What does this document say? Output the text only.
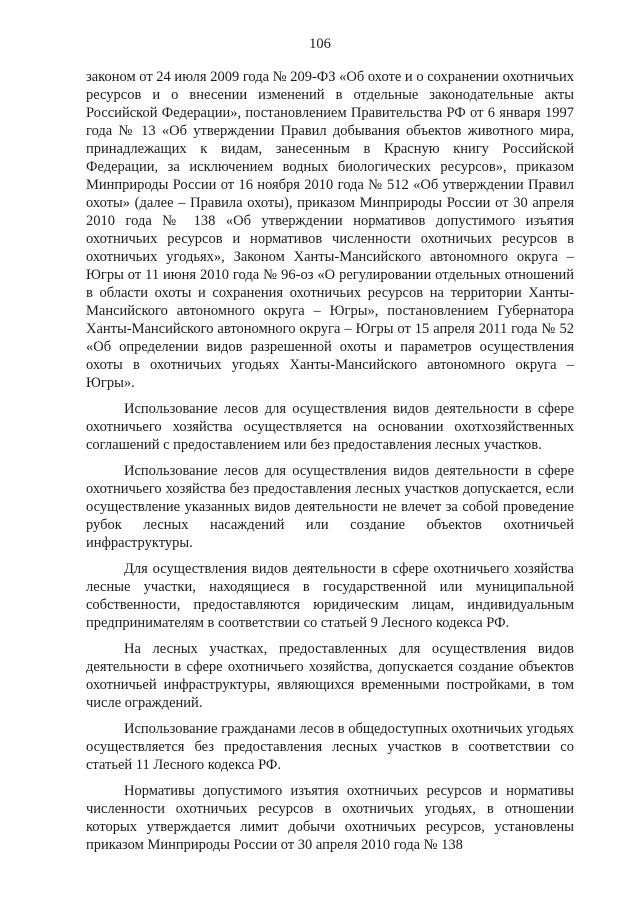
106

законом от 24 июля 2009 года № 209-ФЗ «Об охоте и о сохранении охотничьих ресурсов и о внесении изменений в отдельные законодательные акты Российской Федерации», постановлением Правительства РФ от 6 января 1997 года № 13 «Об утверждении Правил добывания объектов животного мира, принадлежащих к видам, занесенным в Красную книгу Российской Федерации, за исключением водных биологических ресурсов», приказом Минприроды России от 16 ноября 2010 года № 512 «Об утверждении Правил охоты» (далее – Правила охоты), приказом Минприроды России от 30 апреля 2010 года № 138 «Об утверждении нормативов допустимого изъятия охотничьих ресурсов и нормативов численности охотничьих ресурсов в охотничьих угодьях», Законом Ханты-Мансийского автономного округа – Югры от 11 июня 2010 года № 96-оз «О регулировании отдельных отношений в области охоты и сохранения охотничьих ресурсов на территории Ханты-Мансийского автономного округа – Югры», постановлением Губернатора Ханты-Мансийского автономного округа – Югры от 15 апреля 2011 года № 52 «Об определении видов разрешенной охоты и параметров осуществления охоты в охотничьих угодьях Ханты-Мансийского автономного округа – Югры».

Использование лесов для осуществления видов деятельности в сфере охотничьего хозяйства осуществляется на основании охотхозяйственных соглашений с предоставлением или без предоставления лесных участков.

Использование лесов для осуществления видов деятельности в сфере охотничьего хозяйства без предоставления лесных участков допускается, если осуществление указанных видов деятельности не влечет за собой проведение рубок лесных насаждений или создание объектов охотничьей инфраструктуры.

Для осуществления видов деятельности в сфере охотничьего хозяйства лесные участки, находящиеся в государственной или муниципальной собственности, предоставляются юридическим лицам, индивидуальным предпринимателям в соответствии со статьей 9 Лесного кодекса РФ.

На лесных участках, предоставленных для осуществления видов деятельности в сфере охотничьего хозяйства, допускается создание объектов охотничьей инфраструктуры, являющихся временными постройками, в том числе ограждений.

Использование гражданами лесов в общедоступных охотничьих угодьях осуществляется без предоставления лесных участков в соответствии со статьей 11 Лесного кодекса РФ.

Нормативы допустимого изъятия охотничьих ресурсов и нормативы численности охотничьих ресурсов в охотничьих угодьях, в отношении которых утверждается лимит добычи охотничьих ресурсов, установлены приказом Минприроды России от 30 апреля 2010 года № 138
